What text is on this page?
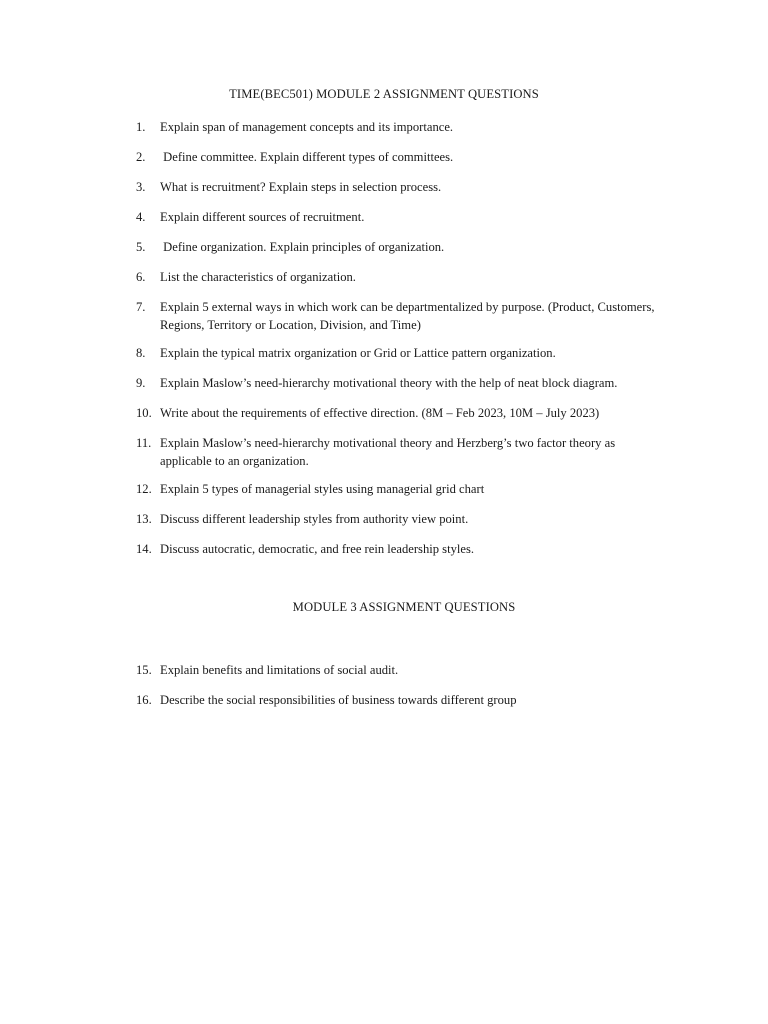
TIME(BEC501) MODULE 2 ASSIGNMENT QUESTIONS
1. Explain span of management concepts and its importance.
2. Define committee. Explain different types of committees.
3. What is recruitment? Explain steps in selection process.
4. Explain different sources of recruitment.
5. Define organization. Explain principles of organization.
6. List the characteristics of organization.
7. Explain 5 external ways in which work can be departmentalized by purpose. (Product, Customers, Regions, Territory or Location, Division, and Time)
8. Explain the typical matrix organization or Grid or Lattice pattern organization.
9. Explain Maslow’s need-hierarchy motivational theory with the help of neat block diagram.
10. Write about the requirements of effective direction. (8M – Feb 2023, 10M – July 2023)
11. Explain Maslow’s need-hierarchy motivational theory and Herzberg’s two factor theory as applicable to an organization.
12. Explain 5 types of managerial styles using managerial grid chart
13. Discuss different leadership styles from authority view point.
14. Discuss autocratic, democratic, and free rein leadership styles.
MODULE 3 ASSIGNMENT QUESTIONS
15. Explain benefits and limitations of social audit.
16. Describe the social responsibilities of business towards different group
